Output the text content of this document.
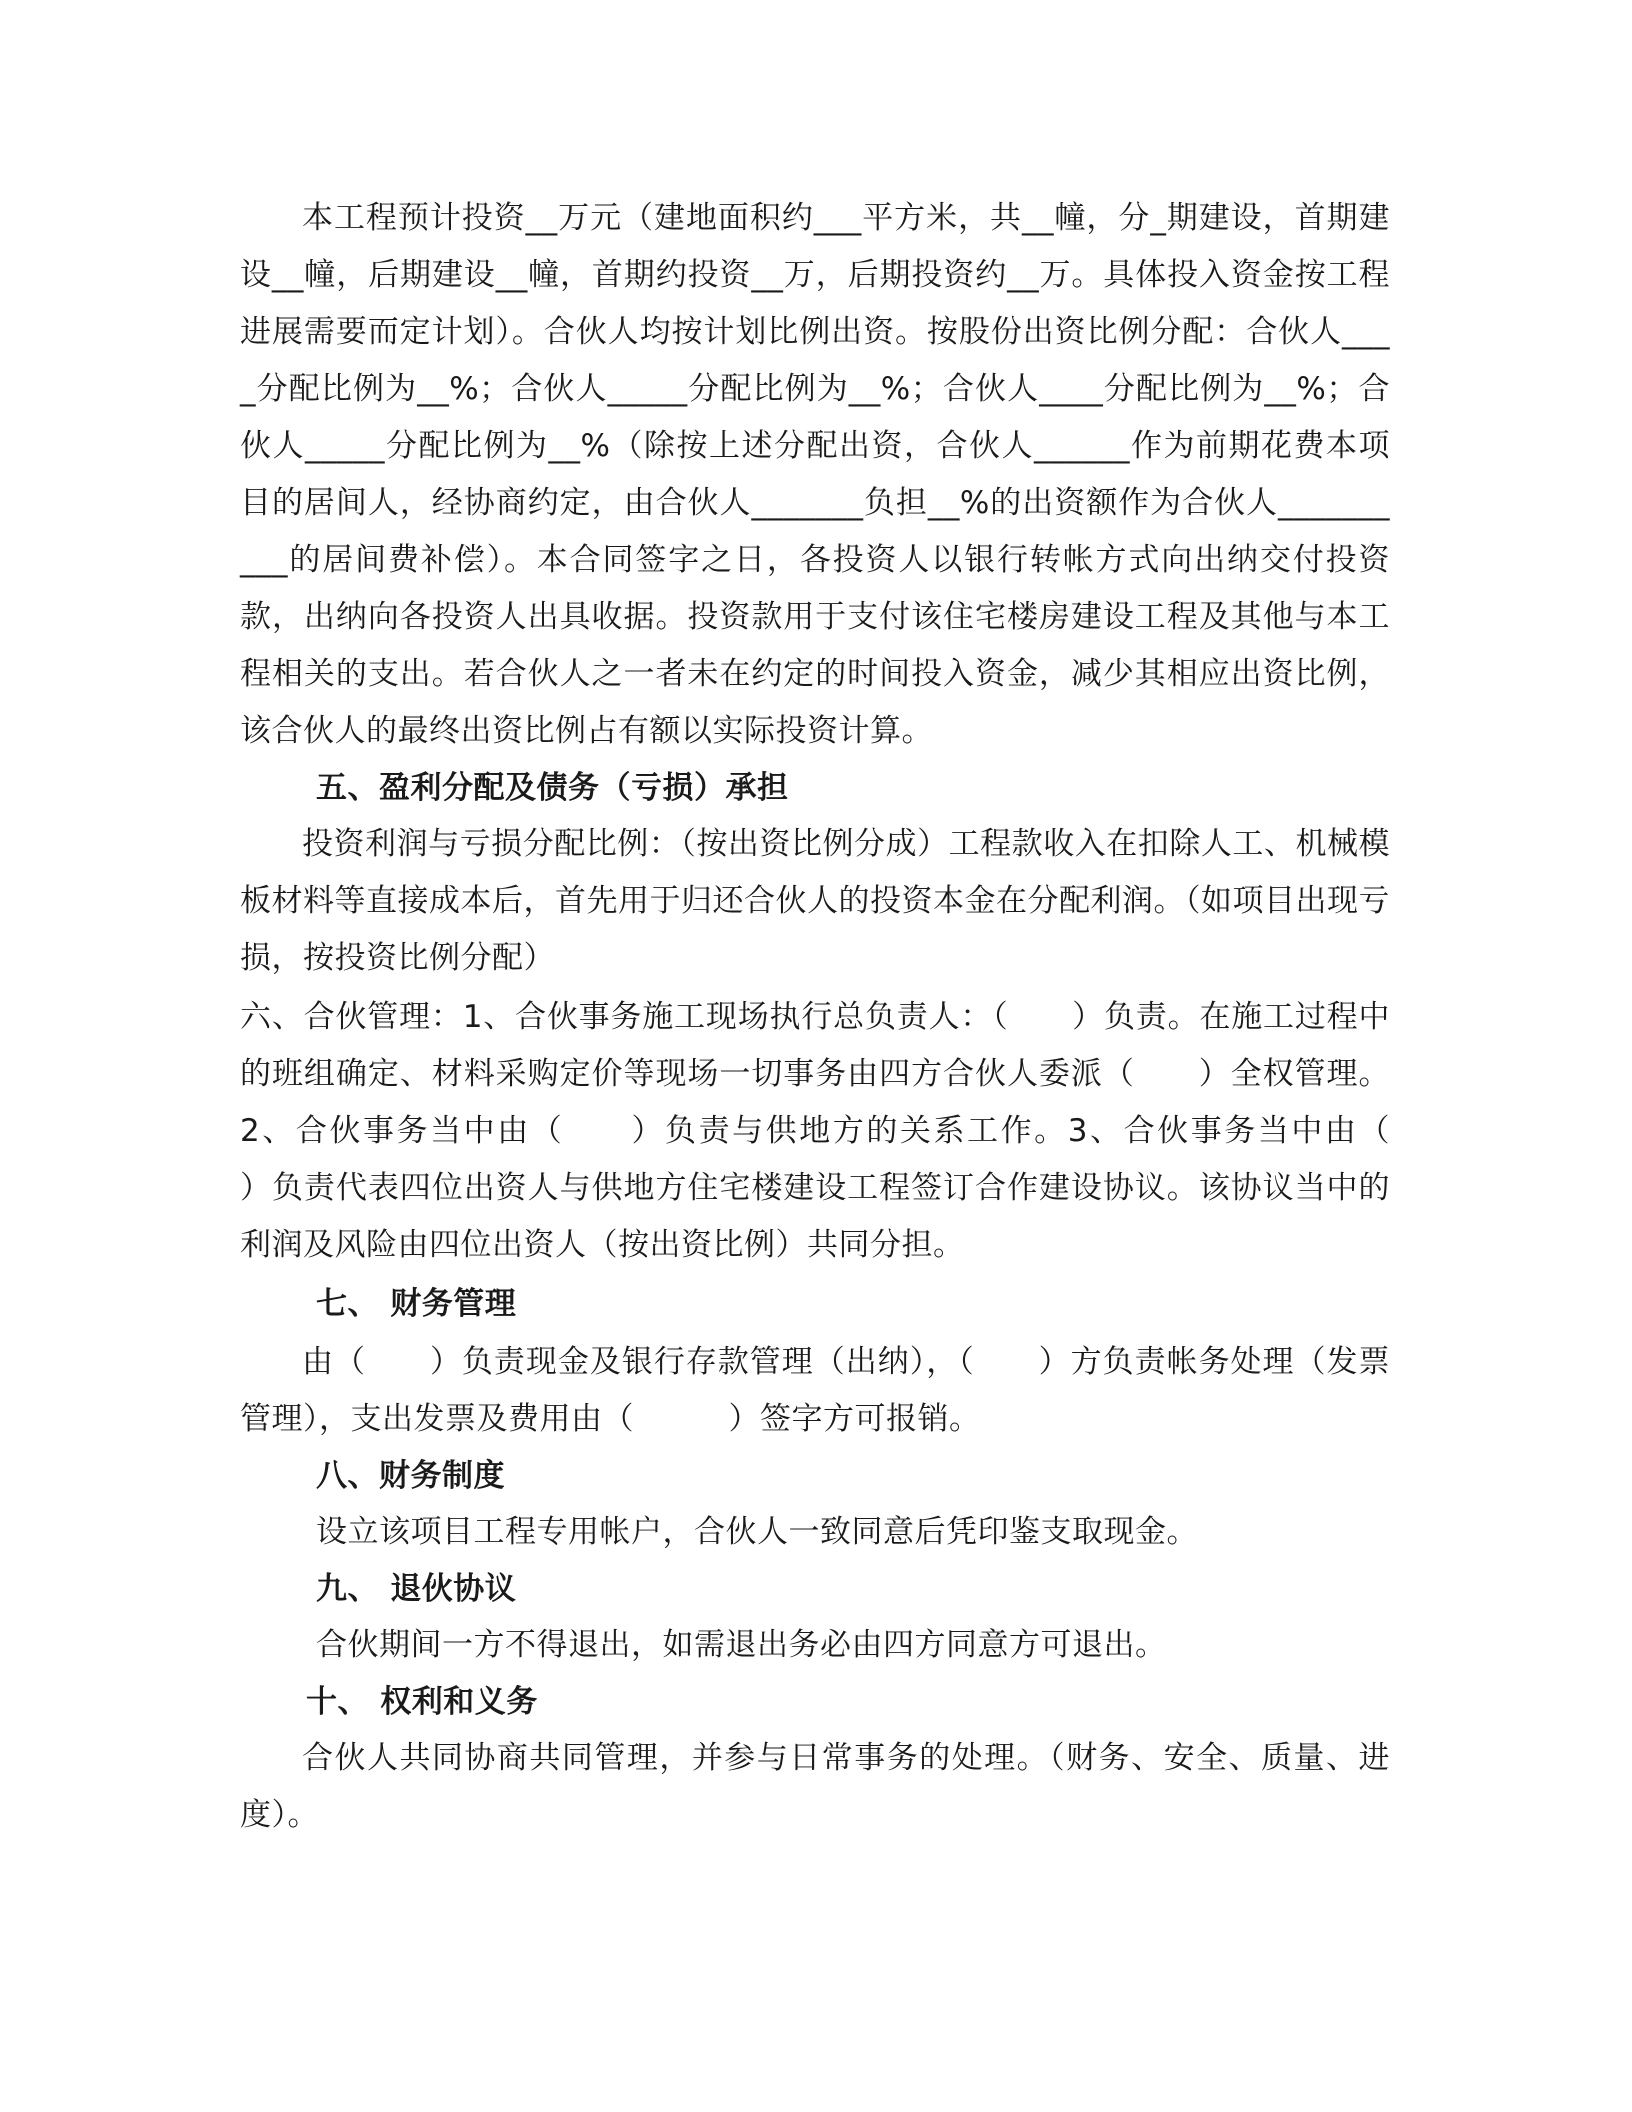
本工程预计投资__万元（建地面积约___平方米，共__幢，分_期建设，首期建设__幢，后期建设__幢，首期约投资__万，后期投资约__万。具体投入资金按工程进展需要而定计划）。合伙人均按计划比例出资。按股份出资比例分配：合伙人____分配比例为__%；合伙人_____分配比例为__%；合伙人____分配比例为__%；合伙人_____分配比例为__%（除按上述分配出资，合伙人______作为前期花费本项目的居间人，经协商约定，由合伙人_______负担__%的出资额作为合伙人__________的居间费补偿）。本合同签字之日，各投资人以银行转帐方式向出纳交付投资款，出纳向各投资人出具收据。投资款用于支付该住宅楼房建设工程及其他与本工程相关的支出。若合伙人之一者未在约定的时间投入资金，减少其相应出资比例，该合伙人的最终出资比例占有额以实际投资计算。

五、盈利分配及债务（亏损）承担

投资利润与亏损分配比例：（按出资比例分成）工程款收入在扣除人工、机械模板材料等直接成本后，首先用于归还合伙人的投资本金在分配利润。（如项目出现亏损，按投资比例分配）

六、合伙管理：1、合伙事务施工现场执行总负责人：（　　）负责。在施工过程中的班组确定、材料采购定价等现场一切事务由四方合伙人委派（　　）全权管理。2、合伙事务当中由（　　）负责与供地方的关系工作。3、合伙事务当中由（　　）负责代表四位出资人与供地方住宅楼建设工程签订合作建设协议。该协议当中的利润及风险由四位出资人（按出资比例）共同分担。

七、 财务管理

由（　　）负责现金及银行存款管理（出纳），（　　）方负责帐务处理（发票管理），支出发票及费用由（　　　）签字方可报销。

八、财务制度

设立该项目工程专用帐户，合伙人一致同意后凭印鉴支取现金。

九、 退伙协议

合伙期间一方不得退出，如需退出务必由四方同意方可退出。

十、 权利和义务

合伙人共同协商共同管理，并参与日常事务的处理。（财务、安全、质量、进度）。
